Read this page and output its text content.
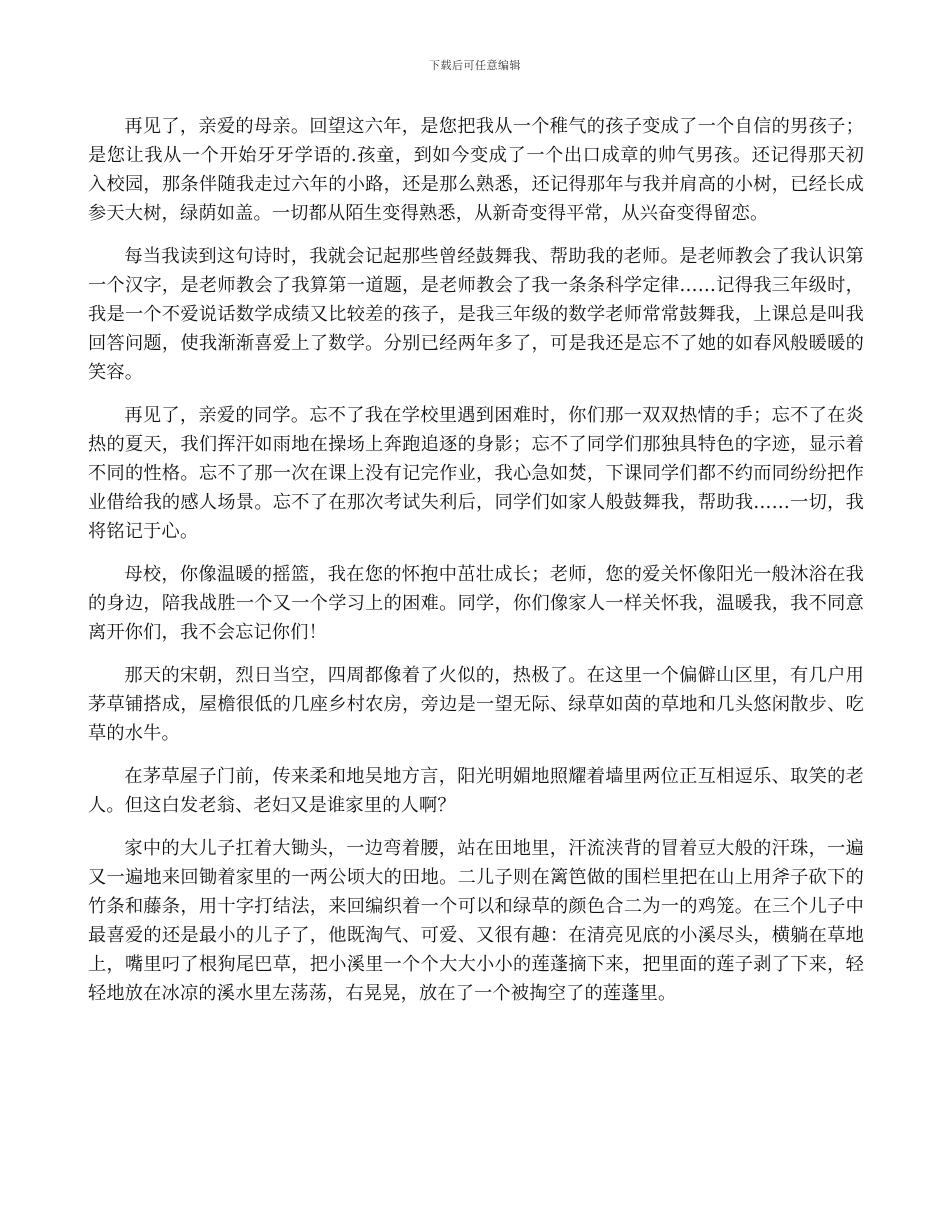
下载后可任意编辑

再见了，亲爱的母亲。回望这六年，是您把我从一个稚气的孩子变成了一个自信的男孩子；是您让我从一个开始牙牙学语的.孩童，到如今变成了一个出口成章的帅气男孩。还记得那天初入校园，那条伴随我走过六年的小路，还是那么熟悉，还记得那年与我并肩高的小树，已经长成参天大树，绿荫如盖。一切都从陌生变得熟悉，从新奇变得平常，从兴奋变得留恋。

每当我读到这句诗时，我就会记起那些曾经鼓舞我、帮助我的老师。是老师教会了我认识第一个汉字，是老师教会了我算第一道题，是老师教会了我一条条科学定律……记得我三年级时，我是一个不爱说话数学成绩又比较差的孩子，是我三年级的数学老师常常鼓舞我，上课总是叫我回答问题，使我渐渐喜爱上了数学。分别已经两年多了，可是我还是忘不了她的如春风般暖暖的笑容。

再见了，亲爱的同学。忘不了我在学校里遇到困难时，你们那一双双热情的手；忘不了在炎热的夏天，我们挥汗如雨地在操场上奔跑追逐的身影；忘不了同学们那独具特色的字迹，显示着不同的性格。忘不了那一次在课上没有记完作业，我心急如焚，下课同学们都不约而同纷纷把作业借给我的感人场景。忘不了在那次考试失利后，同学们如家人般鼓舞我，帮助我……一切，我将铭记于心。

母校，你像温暖的摇篮，我在您的怀抱中茁壮成长；老师，您的爱关怀像阳光一般沐浴在我的身边，陪我战胜一个又一个学习上的困难。同学，你们像家人一样关怀我，温暖我，我不同意离开你们，我不会忘记你们！

那天的宋朝，烈日当空，四周都像着了火似的，热极了。在这里一个偏僻山区里，有几户用茅草铺搭成，屋檐很低的几座乡村农房，旁边是一望无际、绿草如茵的草地和几头悠闲散步、吃草的水牛。

在茅草屋子门前，传来柔和地吴地方言，阳光明媚地照耀着墙里两位正互相逗乐、取笑的老人。但这白发老翁、老妇又是谁家里的人啊？

家中的大儿子扛着大锄头，一边弯着腰，站在田地里，汗流浃背的冒着豆大般的汗珠，一遍又一遍地来回锄着家里的一两公顷大的田地。二儿子则在篱笆做的围栏里把在山上用斧子砍下的竹条和藤条，用十字打结法，来回编织着一个可以和绿草的颜色合二为一的鸡笼。在三个儿子中最喜爱的还是最小的儿子了，他既淘气、可爱、又很有趣：在清亮见底的小溪尽头，横躺在草地上，嘴里叼了根狗尾巴草，把小溪里一个个大大小小的莲蓬摘下来，把里面的莲子剥了下来，轻轻地放在冰凉的溪水里左荡荡，右晃晃，放在了一个被掏空了的莲蓬里。
